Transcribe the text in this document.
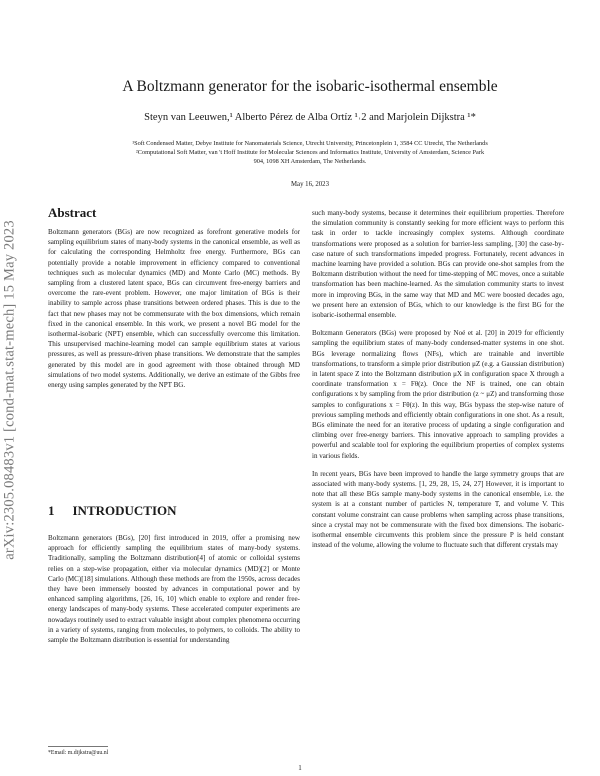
arXiv:2305.08483v1 [cond-mat.stat-mech] 15 May 2023
A Boltzmann generator for the isobaric-isothermal ensemble
Steyn van Leeuwen,¹ Alberto Pérez de Alba Ortíz ¹˒2 and Marjolein Dijkstra ¹*
¹Soft Condensed Matter, Debye Institute for Nanomaterials Science, Utrecht University, Princetonplein 1, 3584 CC Utrecht, The Netherlands
²Computational Soft Matter, van 't Hoff Institute for Molecular Sciences and Informatics Institute, University of Amsterdam, Science Park
904, 1098 XH Amsterdam, The Netherlands.
May 16, 2023
Abstract

Boltzmann generators (BGs) are now recognized as forefront generative models for sampling equilibrium states of many-body systems in the canonical ensemble, as well as for calculating the corresponding Helmholtz free energy. Furthermore, BGs can potentially provide a notable improvement in efficiency compared to conventional techniques such as molecular dynamics (MD) and Monte Carlo (MC) methods. By sampling from a clustered latent space, BGs can circumvent free-energy barriers and overcome the rare-event problem. However, one major limitation of BGs is their inability to sample across phase transitions between ordered phases. This is due to the fact that new phases may not be commensurate with the box dimensions, which remain fixed in the canonical ensemble. In this work, we present a novel BG model for the isothermal-isobaric (NPT) ensemble, which can successfully overcome this limitation. This unsupervised machine-learning model can sample equilibrium states at various pressures, as well as pressure-driven phase transitions. We demonstrate that the samples generated by this model are in good agreement with those obtained through MD simulations of two model systems. Additionally, we derive an estimate of the Gibbs free energy using samples generated by the NPT BG.

1 INTRODUCTION

Boltzmann generators (BGs), [20] first introduced in 2019, offer a promising new approach for efficiently sampling the equilibrium states of many-body systems. Traditionally, sampling the Boltzmann distribution[4] of atomic or colloidal systems relies on a step-wise propagation, either via molecular dynamics (MD)[2] or Monte Carlo (MC)[18] simulations. Although these methods are from the 1950s, across decades they have been immensely boosted by advances in computational power and by enhanced sampling algorithms, [26, 16, 10] which enable to explore and render free-energy landscapes of many-body systems. These accelerated computer experiments are nowadays routinely used to extract valuable insight about complex phenomena occurring in a variety of systems, ranging from molecules, to polymers, to colloids. The ability to sample the Boltzmann distribution is essential for understanding

such many-body systems, because it determines their equilibrium properties. Therefore the simulation community is constantly seeking for more efficient ways to perform this task in order to tackle increasingly complex systems. Although coordinate transformations were proposed as a solution for barrier-less sampling, [30] the case-by-case nature of such transformations impeded progress. Fortunately, recent advances in machine learning have provided a solution. BGs can provide one-shot samples from the Boltzmann distribution without the need for time-stepping of MC moves, once a suitable transformation has been machine-learned. As the simulation community starts to invest more in improving BGs, in the same way that MD and MC were boosted decades ago, we present here an extension of BGs, which to our knowledge is the first BG for the isobaric-isothermal ensemble.

Boltzmann Generators (BGs) were proposed by Noé et al. [20] in 2019 for efficiently sampling the equilibrium states of many-body condensed-matter systems in one shot. BGs leverage normalizing flows (NFs), which are trainable and invertible transformations, to transform a simple prior distribution μZ (e.g. a Gaussian distribution) in latent space Z into the Boltzmann distribution μX in configuration space X through a coordinate transformation x = Fθ(z). Once the NF is trained, one can obtain configurations x by sampling from the prior distribution (z ~ μZ) and transforming those samples to configurations x = Fθ(z). In this way, BGs bypass the step-wise nature of previous sampling methods and efficiently obtain configurations in one shot. As a result, BGs eliminate the need for an iterative process of updating a single configuration and climbing over free-energy barriers. This innovative approach to sampling provides a powerful and scalable tool for exploring the equilibrium properties of complex systems in various fields.

In recent years, BGs have been improved to handle the large symmetry groups that are associated with many-body systems. [1, 29, 28, 15, 24, 27] However, it is important to note that all these BGs sample many-body systems in the canonical ensemble, i.e. the system is at a constant number of particles N, temperature T, and volume V. This constant volume constraint can cause problems when sampling across phase transitions, since a crystal may not be commensurate with the fixed box dimensions. The isobaric-isothermal ensemble circumvents this problem since the pressure P is held constant instead of the volume, allowing the volume to fluctuate such that different crystals may

*Email: m.dijkstra@uu.nl
1
